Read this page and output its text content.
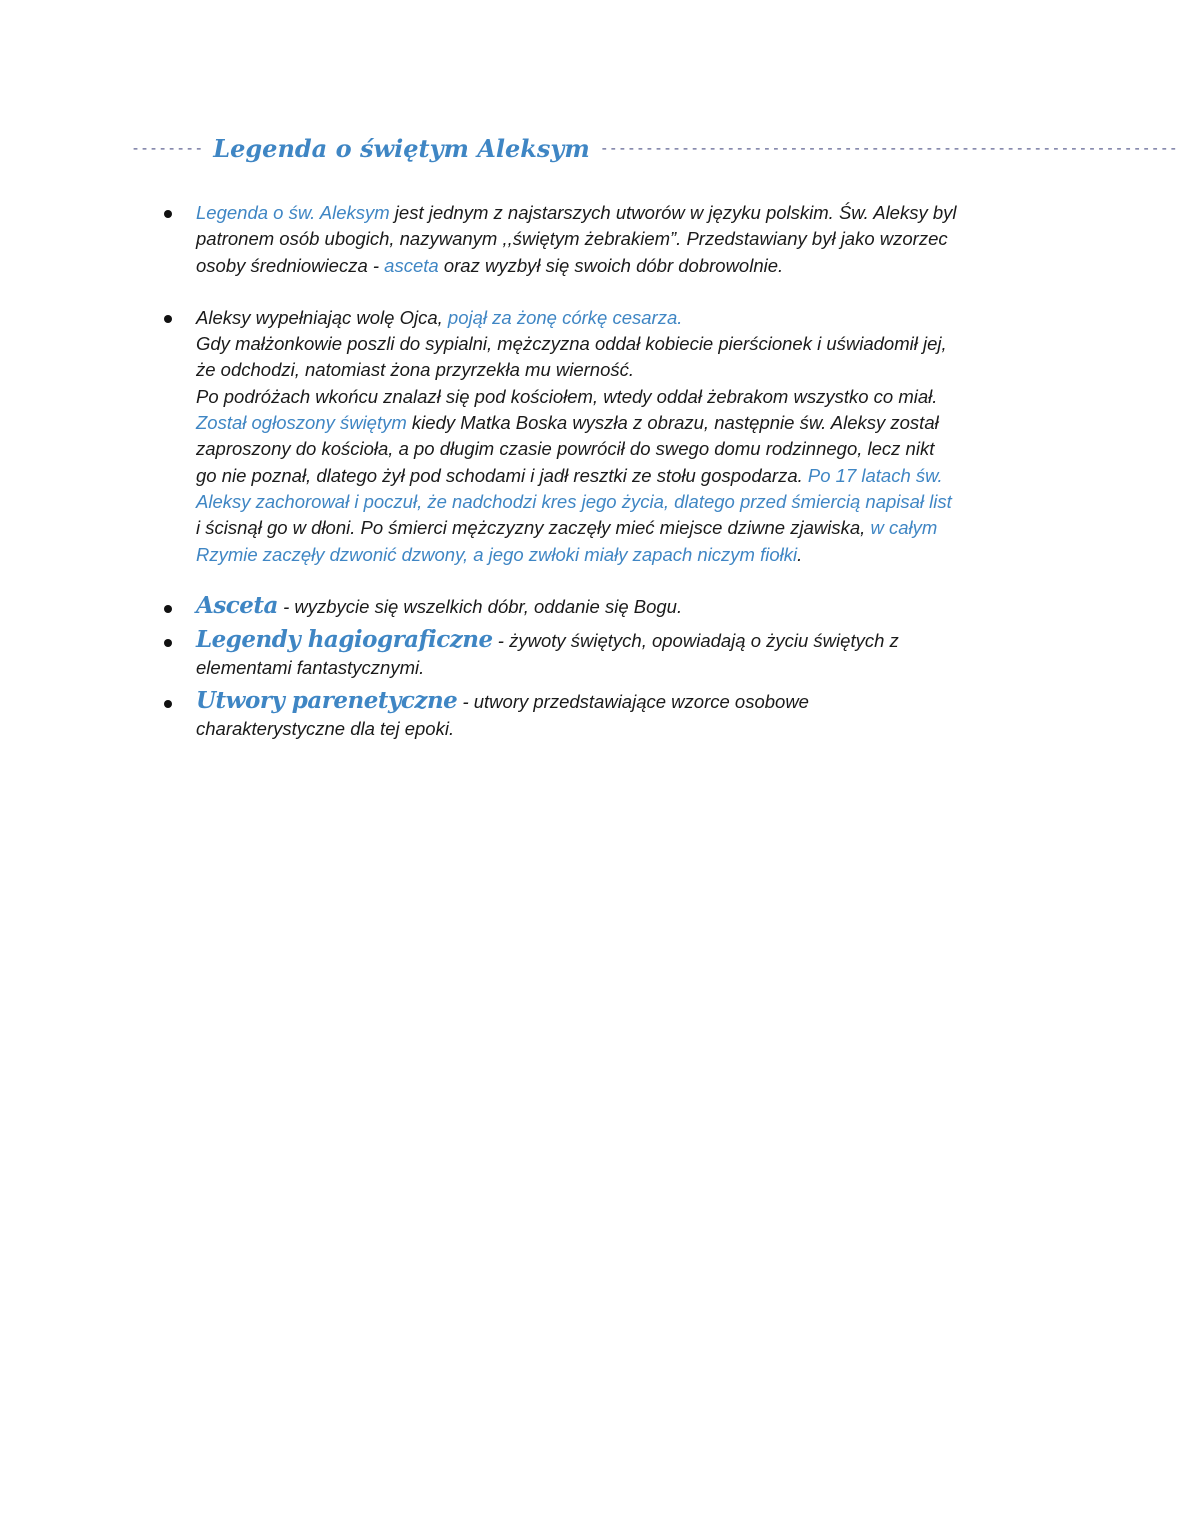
-------- Legenda o świętym Aleksym ----------------------------------------------------------------
Legenda o św. Aleksym jest jednym z najstarszych utworów w języku polskim. Św. Aleksy byl patronem osób ubogich, nazywanym ,,świętym żebrakiem”. Przedstawiany był jako wzorzec osoby średniowiecza - asceta oraz wyzbył się swoich dóbr dobrowolnie.
Aleksy wypełniając wolę Ojca, pojął za żonę córkę cesarza.
Gdy małżonkowie poszli do sypialni, mężczyzna oddał kobiecie pierścionek i uświadomił jej, że odchodzi, natomiast żona przyrzekła mu wierność.
Po podróżach wkońcu znalazł się pod kościołem, wtedy oddał żebrakom wszystko co miał. Został ogłoszony świętym kiedy Matka Boska wyszła z obrazu, następnie św. Aleksy został zaproszony do kościoła, a po długim czasie powrócił do swego domu rodzinnego, lecz nikt go nie poznał, dlatego żył pod schodami i jadł resztki ze stołu gospodarza. Po 17 latach św. Aleksy zachorował i poczuł, że nadchodzi kres jego życia, dlatego przed śmiercią napisał list i ścisnął go w dłoni. Po śmierci mężczyzny zaczęły mieć miejsce dziwne zjawiska, w całym Rzymie zaczęły dzwonić dzwony, a jego zwłoki miały zapach niczym fiołki.
Asceta - wyzbycie się wszelkich dóbr, oddanie się Bogu.
Legendy hagiograficzne - żywoty świętych, opowiadają o życiu świętych z elementami fantastycznymi.
Utwory parenetyczne - utwory przedstawiające wzorce osobowe charakterystyczne dla tej epoki.
